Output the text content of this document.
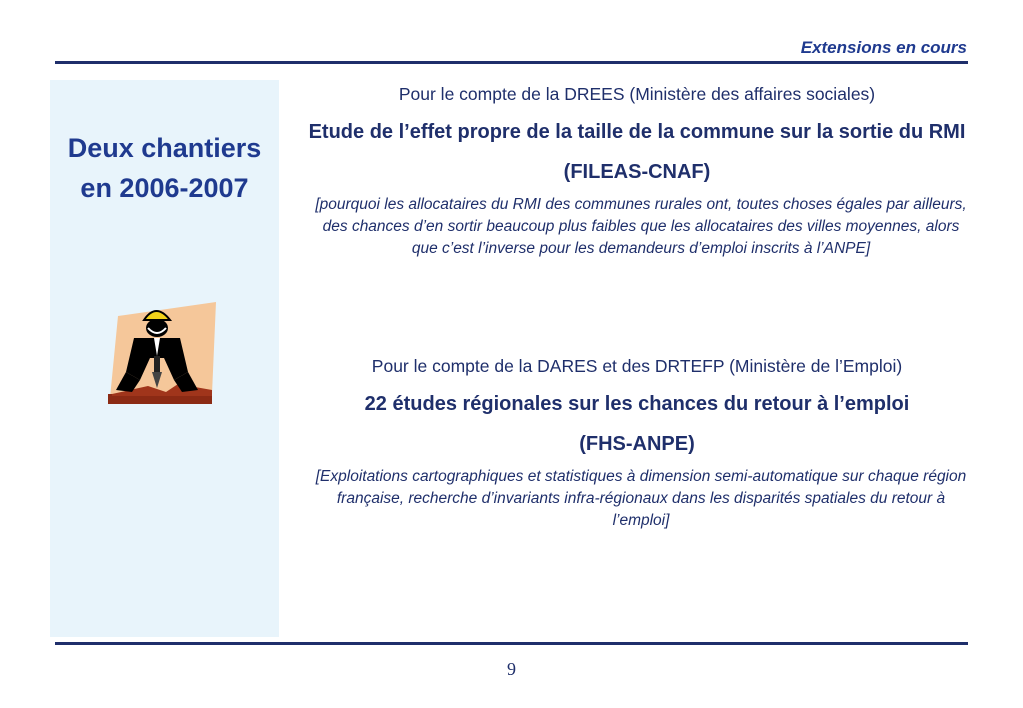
Extensions en cours
Deux chantiers
en 2006-2007
Pour le compte de la DREES (Ministère des affaires sociales)
Etude de l’effet propre de la taille de la commune sur la sortie du RMI
(FILEAS-CNAF)
[pourquoi les allocataires du RMI des communes rurales ont, toutes choses égales par ailleurs, des chances d’en sortir beaucoup plus faibles que les allocataires des villes moyennes, alors que c’est l’inverse pour les demandeurs d’emploi inscrits à l’ANPE]
Pour le compte de la DARES et des DRTEFP (Ministère de l’Emploi)
22 études régionales sur les chances du retour à l’emploi
(FHS-ANPE)
[Exploitations cartographiques et statistiques à dimension semi-automatique sur chaque région française, recherche d’invariants infra-régionaux dans les disparités spatiales du retour à l’emploi]
9
